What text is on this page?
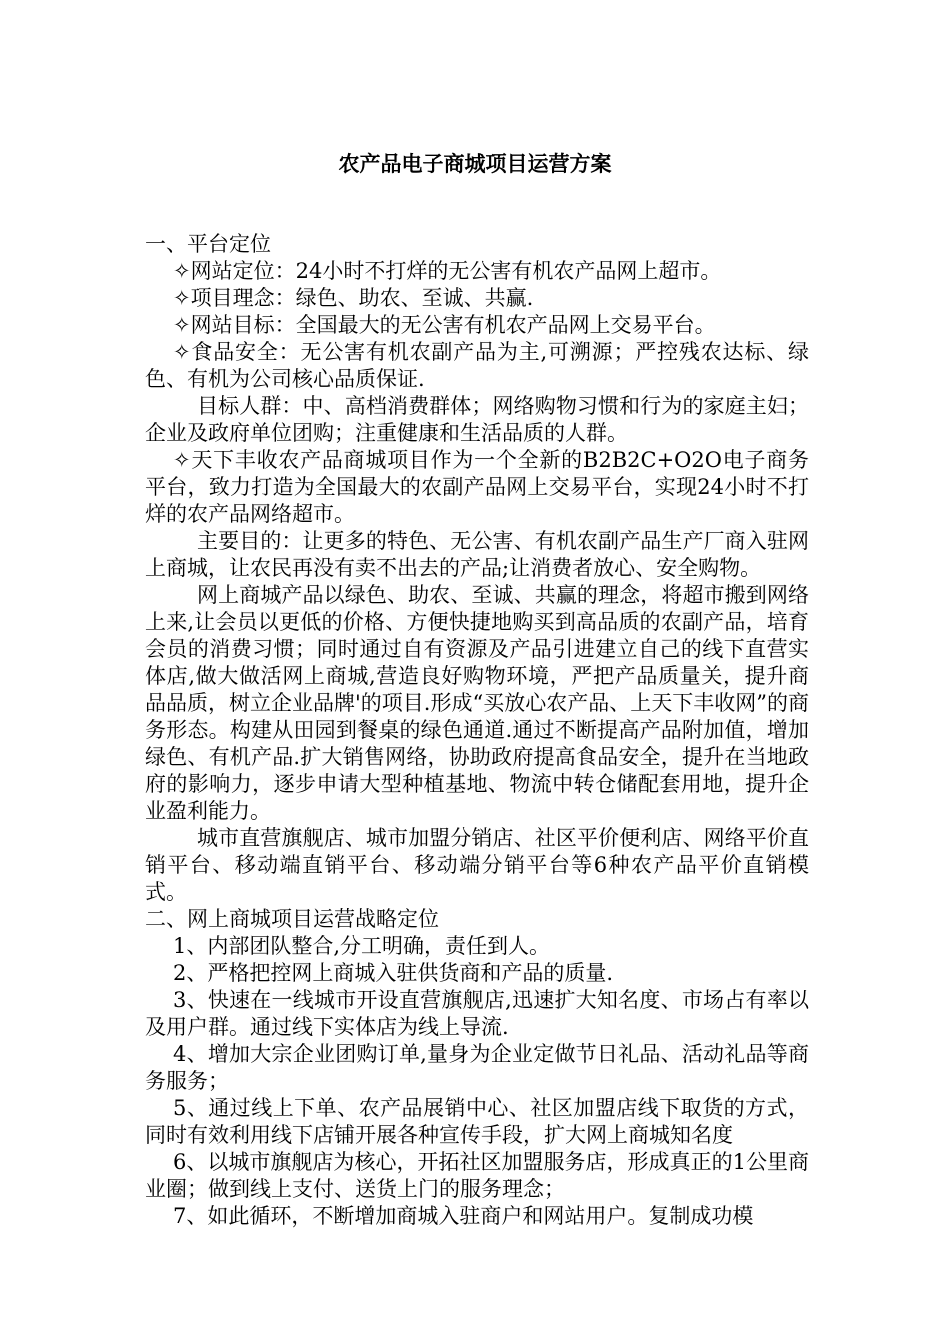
农产品电子商城项目运营方案

一、平台定位

✧网站定位：24小时不打烊的无公害有机农产品网上超市。

✧项目理念：绿色、助农、至诚、共赢.

✧网站目标：全国最大的无公害有机农产品网上交易平台。

✧食品安全：无公害有机农副产品为主,可溯源；严控残农达标、绿色、有机为公司核心品质保证.

目标人群：中、高档消费群体；网络购物习惯和行为的家庭主妇；企业及政府单位团购；注重健康和生活品质的人群。

✧天下丰收农产品商城项目作为一个全新的B2B2C+O2O电子商务平台，致力打造为全国最大的农副产品网上交易平台，实现24小时不打烊的农产品网络超市。

主要目的：让更多的特色、无公害、有机农副产品生产厂商入驻网上商城，让农民再没有卖不出去的产品;让消费者放心、安全购物。

网上商城产品以绿色、助农、至诚、共赢的理念，将超市搬到网络上来,让会员以更低的价格、方便快捷地购买到高品质的农副产品，培育会员的消费习惯；同时通过自有资源及产品引进建立自己的线下直营实体店,做大做活网上商城,营造良好购物环境，严把产品质量关，提升商品品质，树立企业品牌'的项目.形成“买放心农产品、上天下丰收网”的商务形态。构建从田园到餐桌的绿色通道.通过不断提高产品附加值，增加绿色、有机产品.扩大销售网络，协助政府提高食品安全，提升在当地政府的影响力，逐步申请大型种植基地、物流中转仓储配套用地，提升企业盈利能力。

城市直营旗舰店、城市加盟分销店、社区平价便利店、网络平价直销平台、移动端直销平台、移动端分销平台等6种农产品平价直销模式。

二、网上商城项目运营战略定位

1、内部团队整合,分工明确，责任到人。

2、严格把控网上商城入驻供货商和产品的质量.

3、快速在一线城市开设直营旗舰店,迅速扩大知名度、市场占有率以及用户群。通过线下实体店为线上导流.

4、增加大宗企业团购订单,量身为企业定做节日礼品、活动礼品等商务服务；

5、通过线上下单、农产品展销中心、社区加盟店线下取货的方式，同时有效利用线下店铺开展各种宣传手段，扩大网上商城知名度

6、以城市旗舰店为核心，开拓社区加盟服务店，形成真正的1公里商业圈；做到线上支付、送货上门的服务理念；

7、如此循环，不断增加商城入驻商户和网站用户。复制成功模
